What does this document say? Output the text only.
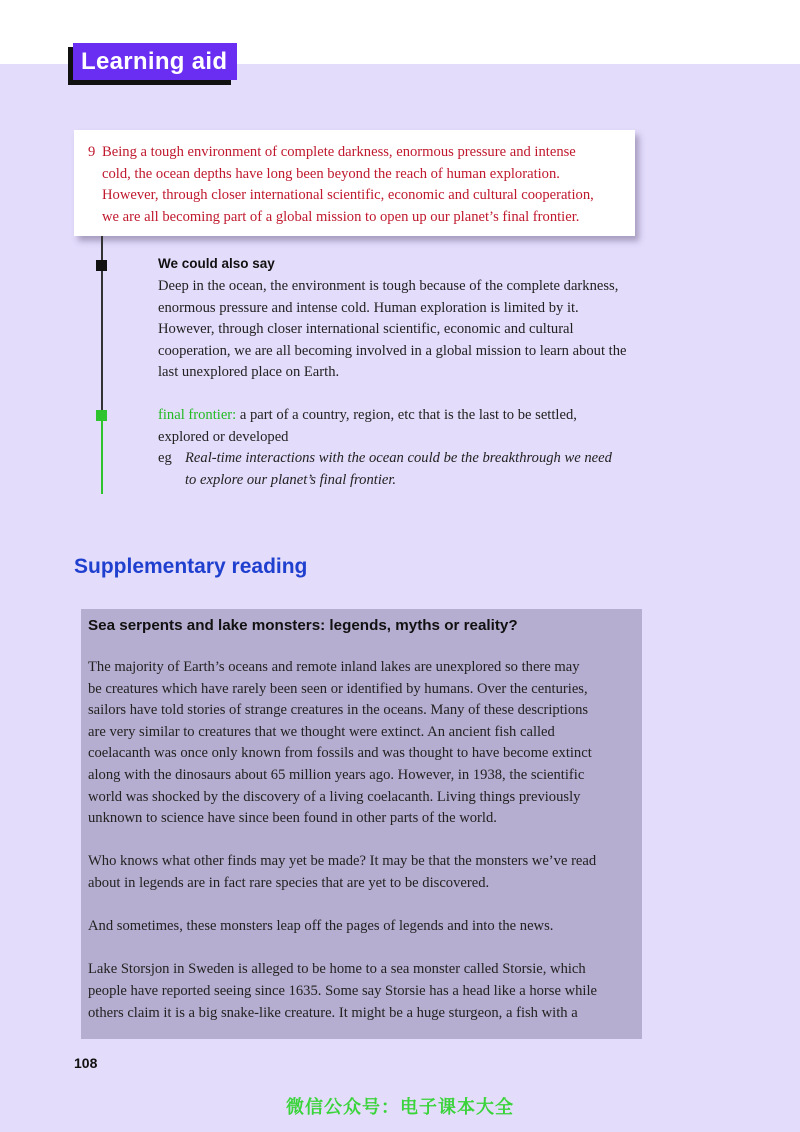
Learning aid
9 Being a tough environment of complete darkness, enormous pressure and intense
cold, the ocean depths have long been beyond the reach of human exploration.
However, through closer international scientific, economic and cultural cooperation,
we are all becoming part of a global mission to open up our planet’s final frontier.
We could also say
Deep in the ocean, the environment is tough because of the complete darkness,
enormous pressure and intense cold. Human exploration is limited by it.
However, through closer international scientific, economic and cultural
cooperation, we are all becoming involved in a global mission to learn about the
last unexplored place on Earth.
final frontier: a part of a country, region, etc that is the last to be settled,
explored or developed
eg Real-time interactions with the ocean could be the breakthrough we need
to explore our planet’s final frontier.
Supplementary reading
Sea serpents and lake monsters: legends, myths or reality?

The majority of Earth’s oceans and remote inland lakes are unexplored so there may
be creatures which have rarely been seen or identified by humans. Over the centuries,
sailors have told stories of strange creatures in the oceans. Many of these descriptions
are very similar to creatures that we thought were extinct. An ancient fish called
coelacanth was once only known from fossils and was thought to have become extinct
along with the dinosaurs about 65 million years ago. However, in 1938, the scientific
world was shocked by the discovery of a living coelacanth. Living things previously
unknown to science have since been found in other parts of the world.

Who knows what other finds may yet be made? It may be that the monsters we’ve read
about in legends are in fact rare species that are yet to be discovered.

And sometimes, these monsters leap off the pages of legends and into the news.

Lake Storsjon in Sweden is alleged to be home to a sea monster called Storsie, which
people have reported seeing since 1635. Some say Storsie has a head like a horse while
others claim it is a big snake-like creature. It might be a huge sturgeon, a fish with a

108
微信公众号：电子课本大全
